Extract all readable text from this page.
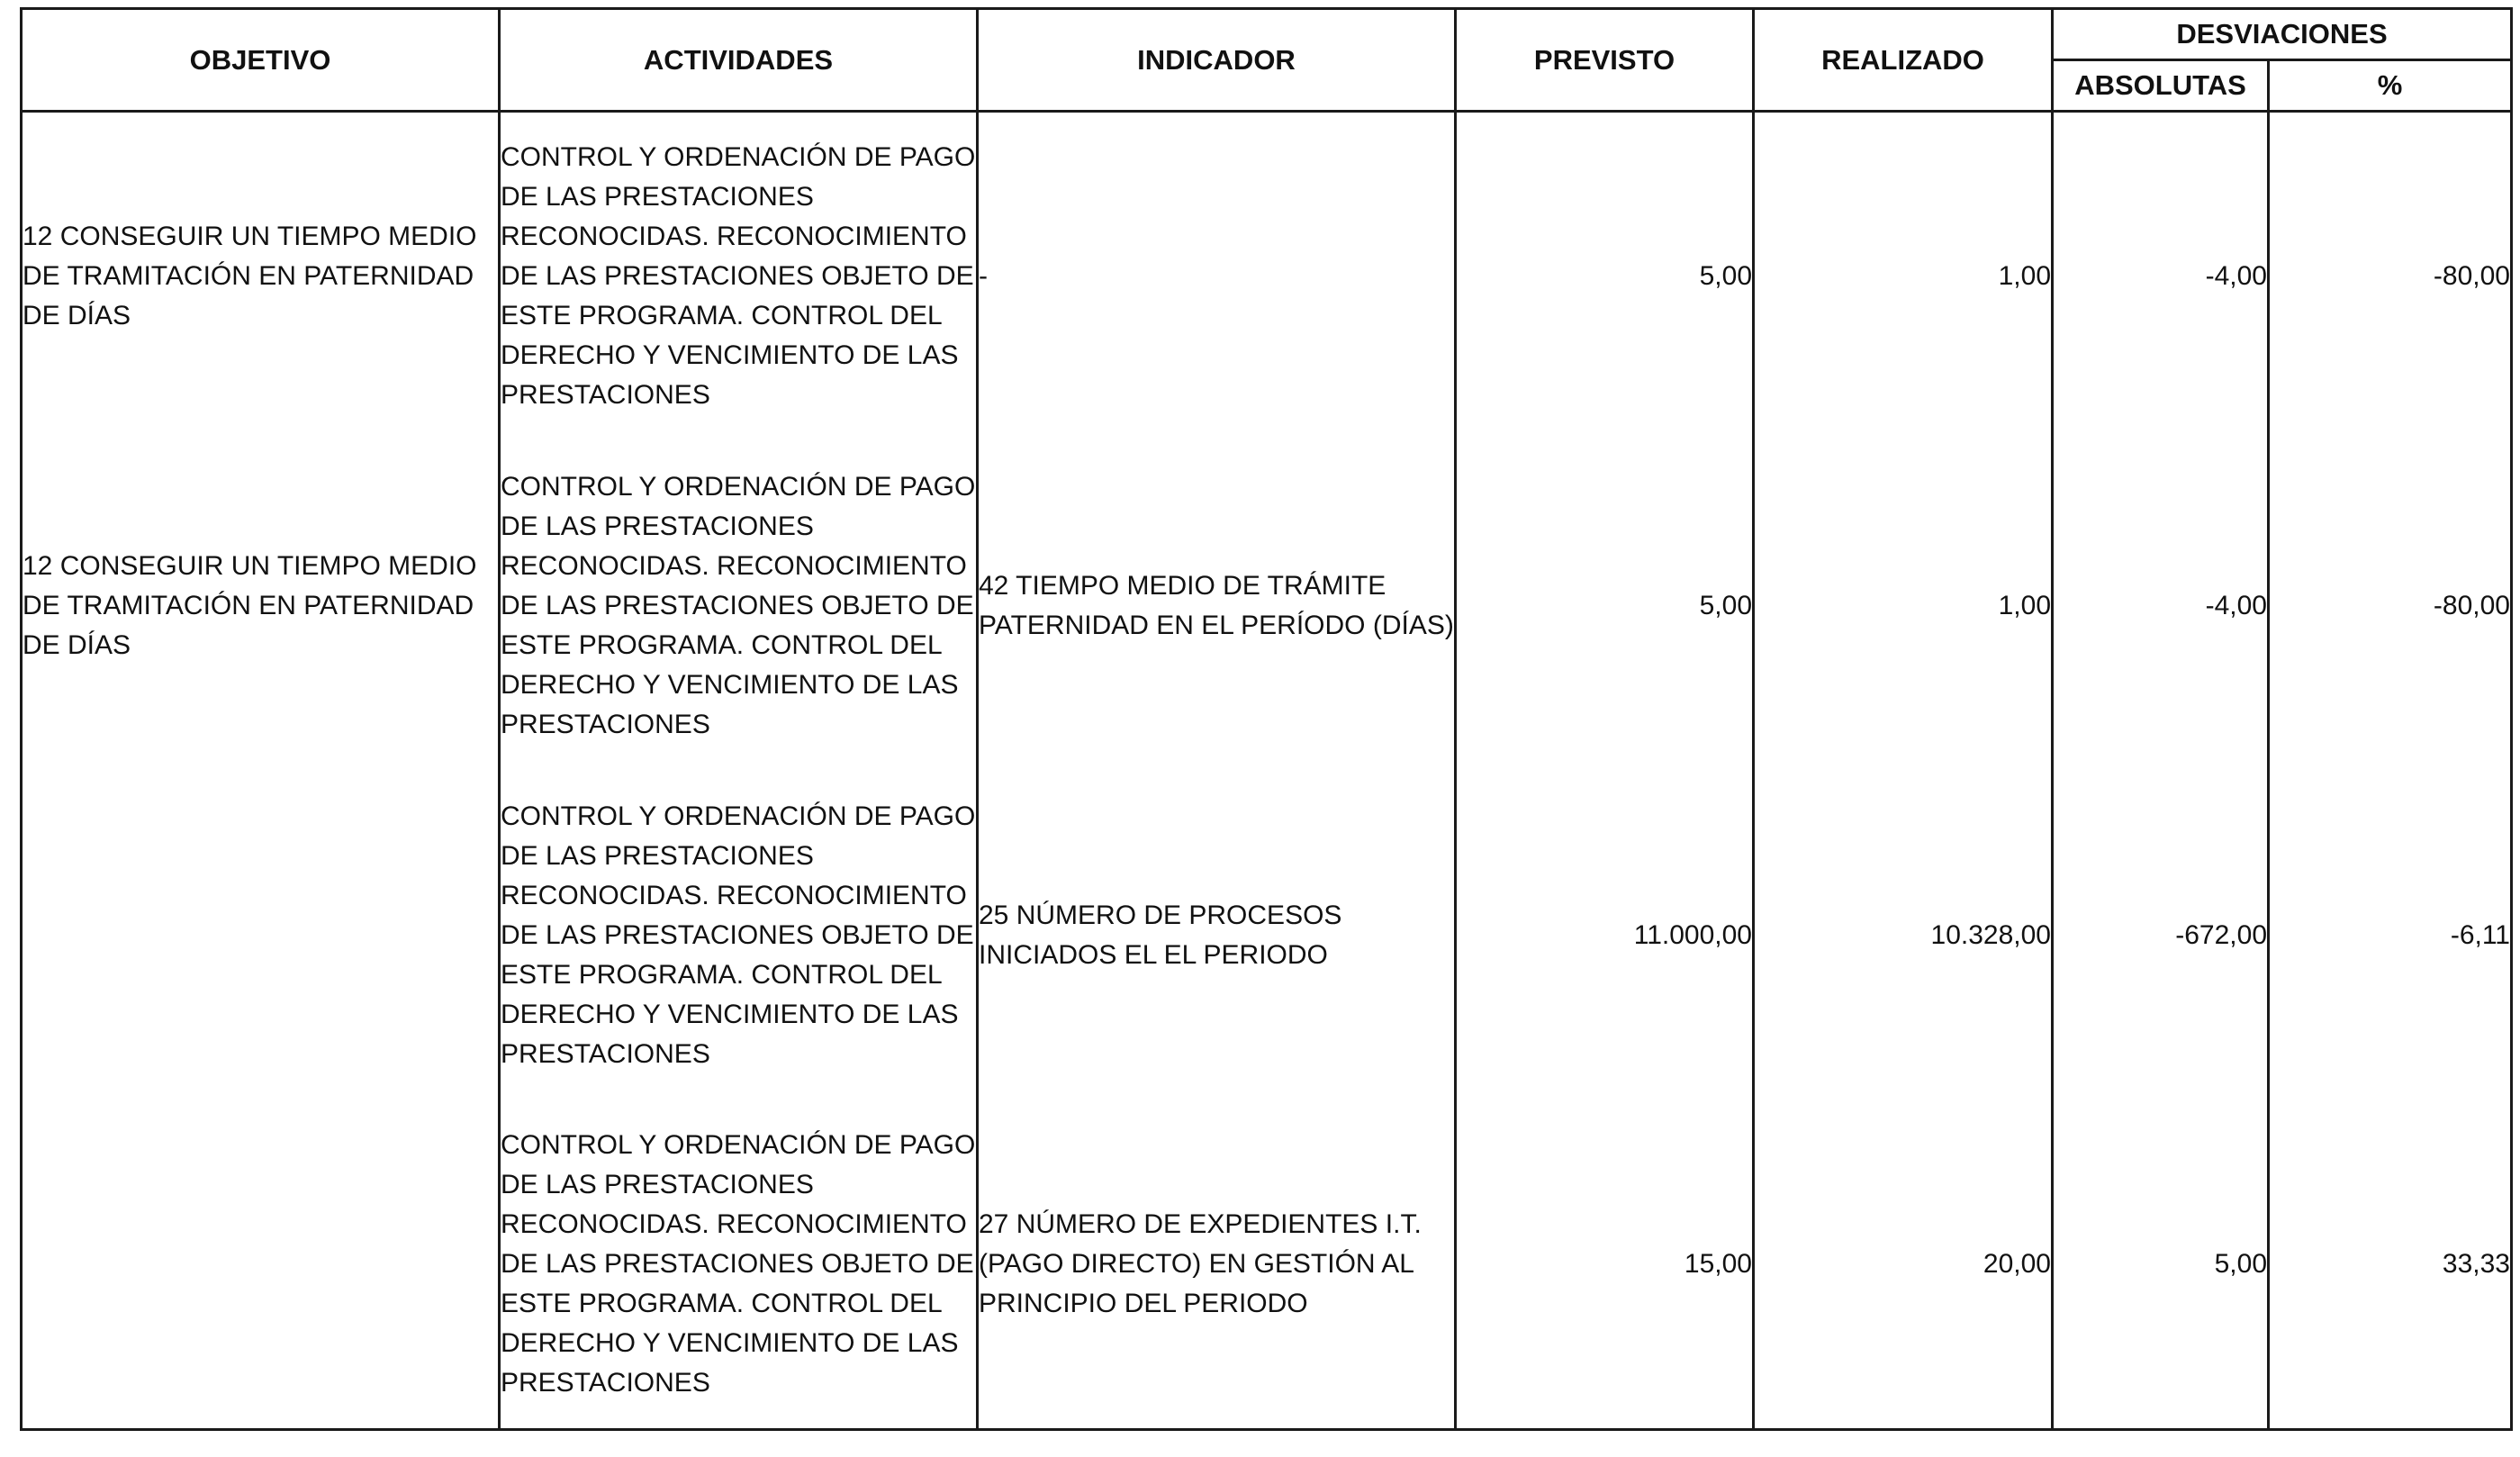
OBJETIVO	ACTIVIDADES	INDICADOR	PREVISTO	REALIZADO	DESVIACIONES	
					ABSOLUTAS	%
12 CONSEGUIR UN TIEMPO MEDIO DE TRAMITACIÓN EN PATERNIDAD DE DÍAS	CONTROL Y ORDENACIÓN DE PAGO DE LAS PRESTACIONES RECONOCIDAS. RECONOCIMIENTO DE LAS PRESTACIONES OBJETO DE ESTE PROGRAMA. CONTROL DEL DERECHO Y VENCIMIENTO DE LAS PRESTACIONES	-	5,00	1,00	-4,00	-80,00
12 CONSEGUIR UN TIEMPO MEDIO DE TRAMITACIÓN EN PATERNIDAD DE DÍAS	CONTROL Y ORDENACIÓN DE PAGO DE LAS PRESTACIONES RECONOCIDAS. RECONOCIMIENTO DE LAS PRESTACIONES OBJETO DE ESTE PROGRAMA. CONTROL DEL DERECHO Y VENCIMIENTO DE LAS PRESTACIONES	42 TIEMPO MEDIO DE TRÁMITE PATERNIDAD EN EL PERÍODO (DÍAS)	5,00	1,00	-4,00	-80,00
	CONTROL Y ORDENACIÓN DE PAGO DE LAS PRESTACIONES RECONOCIDAS. RECONOCIMIENTO DE LAS PRESTACIONES OBJETO DE ESTE PROGRAMA. CONTROL DEL DERECHO Y VENCIMIENTO DE LAS PRESTACIONES	25 NÚMERO DE PROCESOS INICIADOS EL EL PERIODO	11.000,00	10.328,00	-672,00	-6,11
	CONTROL Y ORDENACIÓN DE PAGO DE LAS PRESTACIONES RECONOCIDAS. RECONOCIMIENTO DE LAS PRESTACIONES OBJETO DE ESTE PROGRAMA. CONTROL DEL DERECHO Y VENCIMIENTO DE LAS PRESTACIONES	27 NÚMERO DE EXPEDIENTES I.T.(PAGO DIRECTO) EN GESTIÓN AL PRINCIPIO DEL PERIODO	15,00	20,00	5,00	33,33
